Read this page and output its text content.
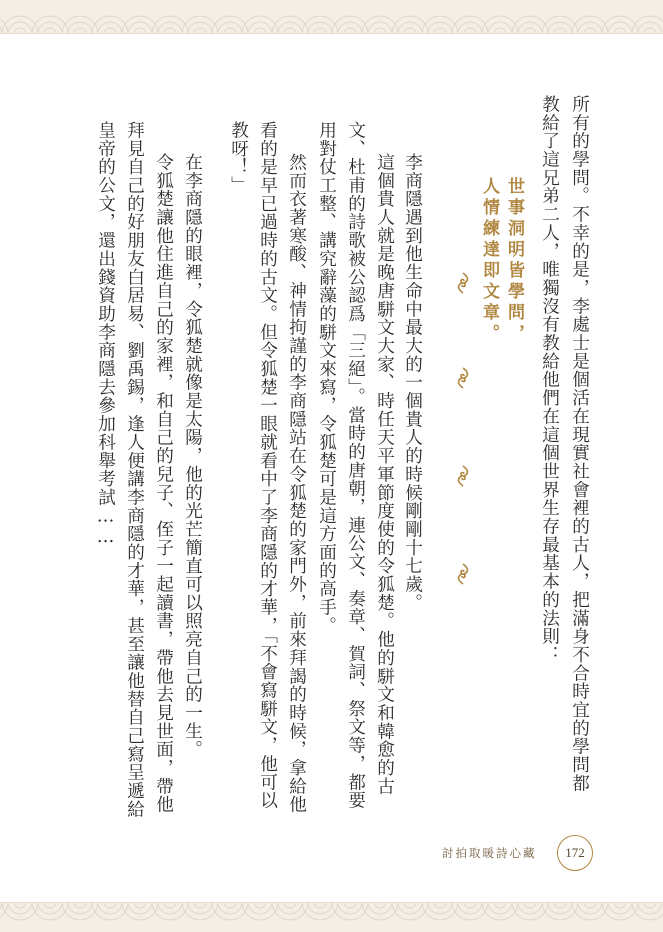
所有的學問。不幸的是，李處士是個活在現實社會裡的古人，把滿身不合時宜的學問都
教給了這兄弟二人，唯獨沒有教給他們在這個世界生存最基本的法則：
世事洞明皆學問，
人情練達即文章。
李商隱遇到他生命中最大的一個貴人的時候剛剛十七歲。
這個貴人就是晚唐駢文大家、時任天平軍節度使的令狐楚。他的駢文和韓愈的古
文、杜甫的詩歌被公認爲「三絕」。當時的唐朝，連公文、奏章、賀詞、祭文等，都要
用對仗工整、講究辭藻的駢文來寫，令狐楚可是這方面的高手。
然而衣著寒酸、神情拘謹的李商隱站在令狐楚的家門外，前來拜謁的時候，拿給他
看的是早已過時的古文。但令狐楚一眼就看中了李商隱的才華，「不會寫駢文，他可以
教呀！」
在李商隱的眼裡，令狐楚就像是太陽，他的光芒簡直可以照亮自己的一生。
令狐楚讓他住進自己的家裡，和自己的兒子、侄子一起讀書，帶他去見世面，帶他
拜見自己的好朋友白居易、劉禹錫，逢人便講李商隱的才華，甚至讓他替自己寫呈遞給
皇帝的公文，還出錢資助李商隱去參加科舉考試……
討拍取暖詩心藏 172
